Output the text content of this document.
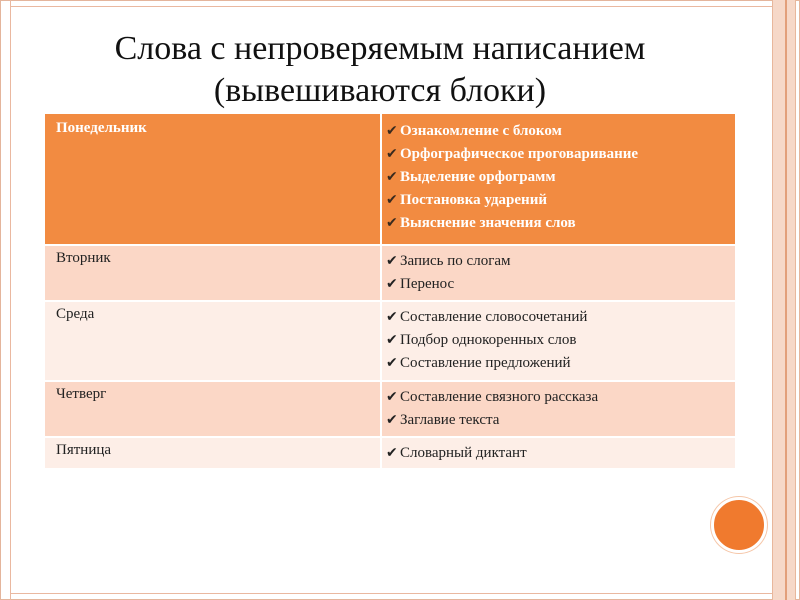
Слова с непроверяемым написанием
(вывешиваются блоки)
Понедельник	✔ Ознакомление с блоком
✔ Орфографическое проговаривание
✔ Выделение орфограмм
✔ Постановка ударений
✔ Выяснение значения слов
Вторник	✔ Запись по слогам
✔ Перенос
Среда	✔ Составление словосочетаний
✔ Подбор однокоренных слов
✔ Составление предложений
Четверг	✔ Составление связного рассказа
✔ Заглавие текста
Пятница	✔ Словарный диктант
